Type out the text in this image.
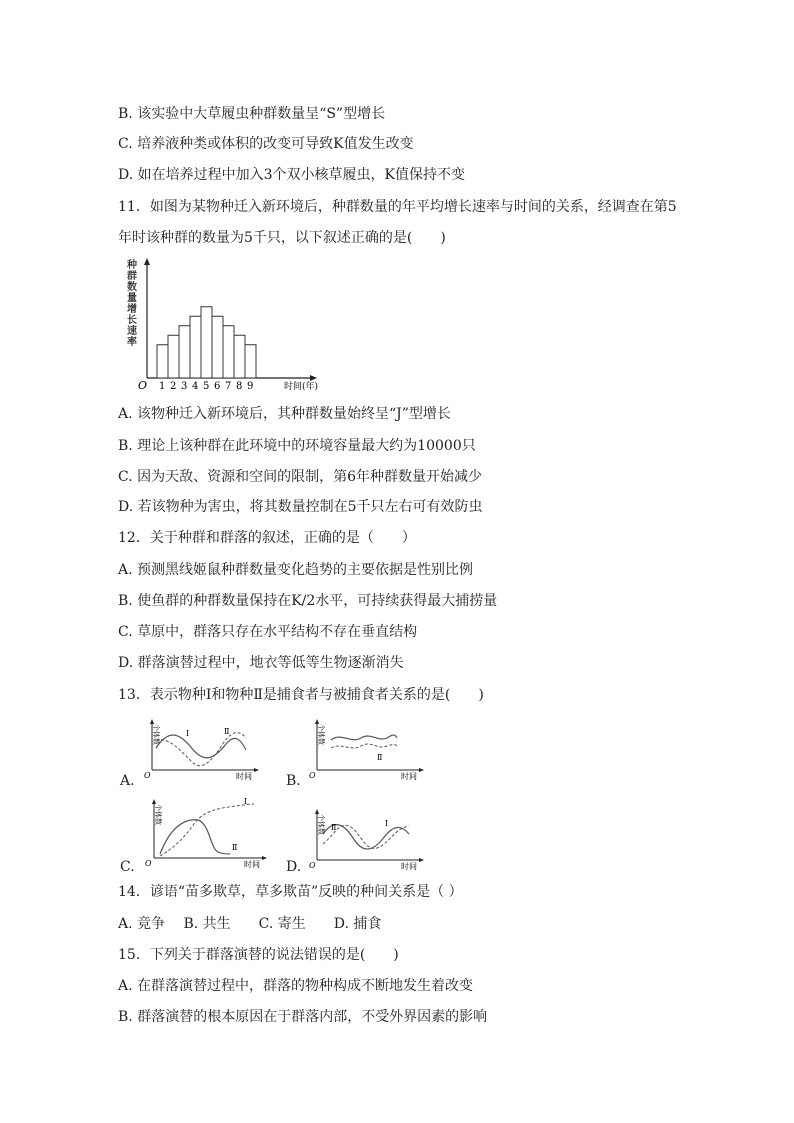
B. 该实验中大草履虫种群数量呈“S”型增长
C. 培养液种类或体积的改变可导致K值发生改变
D. 如在培养过程中加入3个双小核草履虫，K值保持不变
11．如图为某物种迁入新环境后，种群数量的年平均增长速率与时间的关系，经调查在第5
年时该种群的数量为5千只，以下叙述正确的是(　　)
O	时间(年)
种
群
数
量
增
长
速
率
1 2 3 4 5 6 7 8 9
A. 该物种迁入新环境后，其种群数量始终呈“J”型增长
B. 理论上该种群在此环境中的环境容量最大约为10000只
C. 因为天敌、资源和空间的限制，第6年种群数量开始减少
D. 若该物种为害虫，将其数量控制在5千只左右可有效防虫
12．关于种群和群落的叙述，正确的是（　　）
A. 预测黑线姬鼠种群数量变化趋势的主要依据是性别比例
B. 使鱼群的种群数量保持在K/2水平，可持续获得最大捕捞量
C. 草原中，群落只存在水平结构不存在垂直结构
D. 群落演替过程中，地衣等低等生物逐渐消失
13．表示物种Ⅰ和物种Ⅱ是捕食者与被捕食者关系的是(　　)
A.	B.
C.	D.
个体数
O	时间
Ⅰ	Ⅱ	个体数
O	时间
Ⅱ
个体数
O	时间
Ⅰ
Ⅱ
个体数
O	时间
Ⅱ	Ⅰ
14．谚语“苗多欺草，草多欺苗”反映的种间关系是（ ）
A. 竞争　 B. 共生　　C. 寄生　　D. 捕食
15．下列关于群落演替的说法错误的是(　　)
A. 在群落演替过程中，群落的物种构成不断地发生着改变
B. 群落演替的根本原因在于群落内部，不受外界因素的影响
